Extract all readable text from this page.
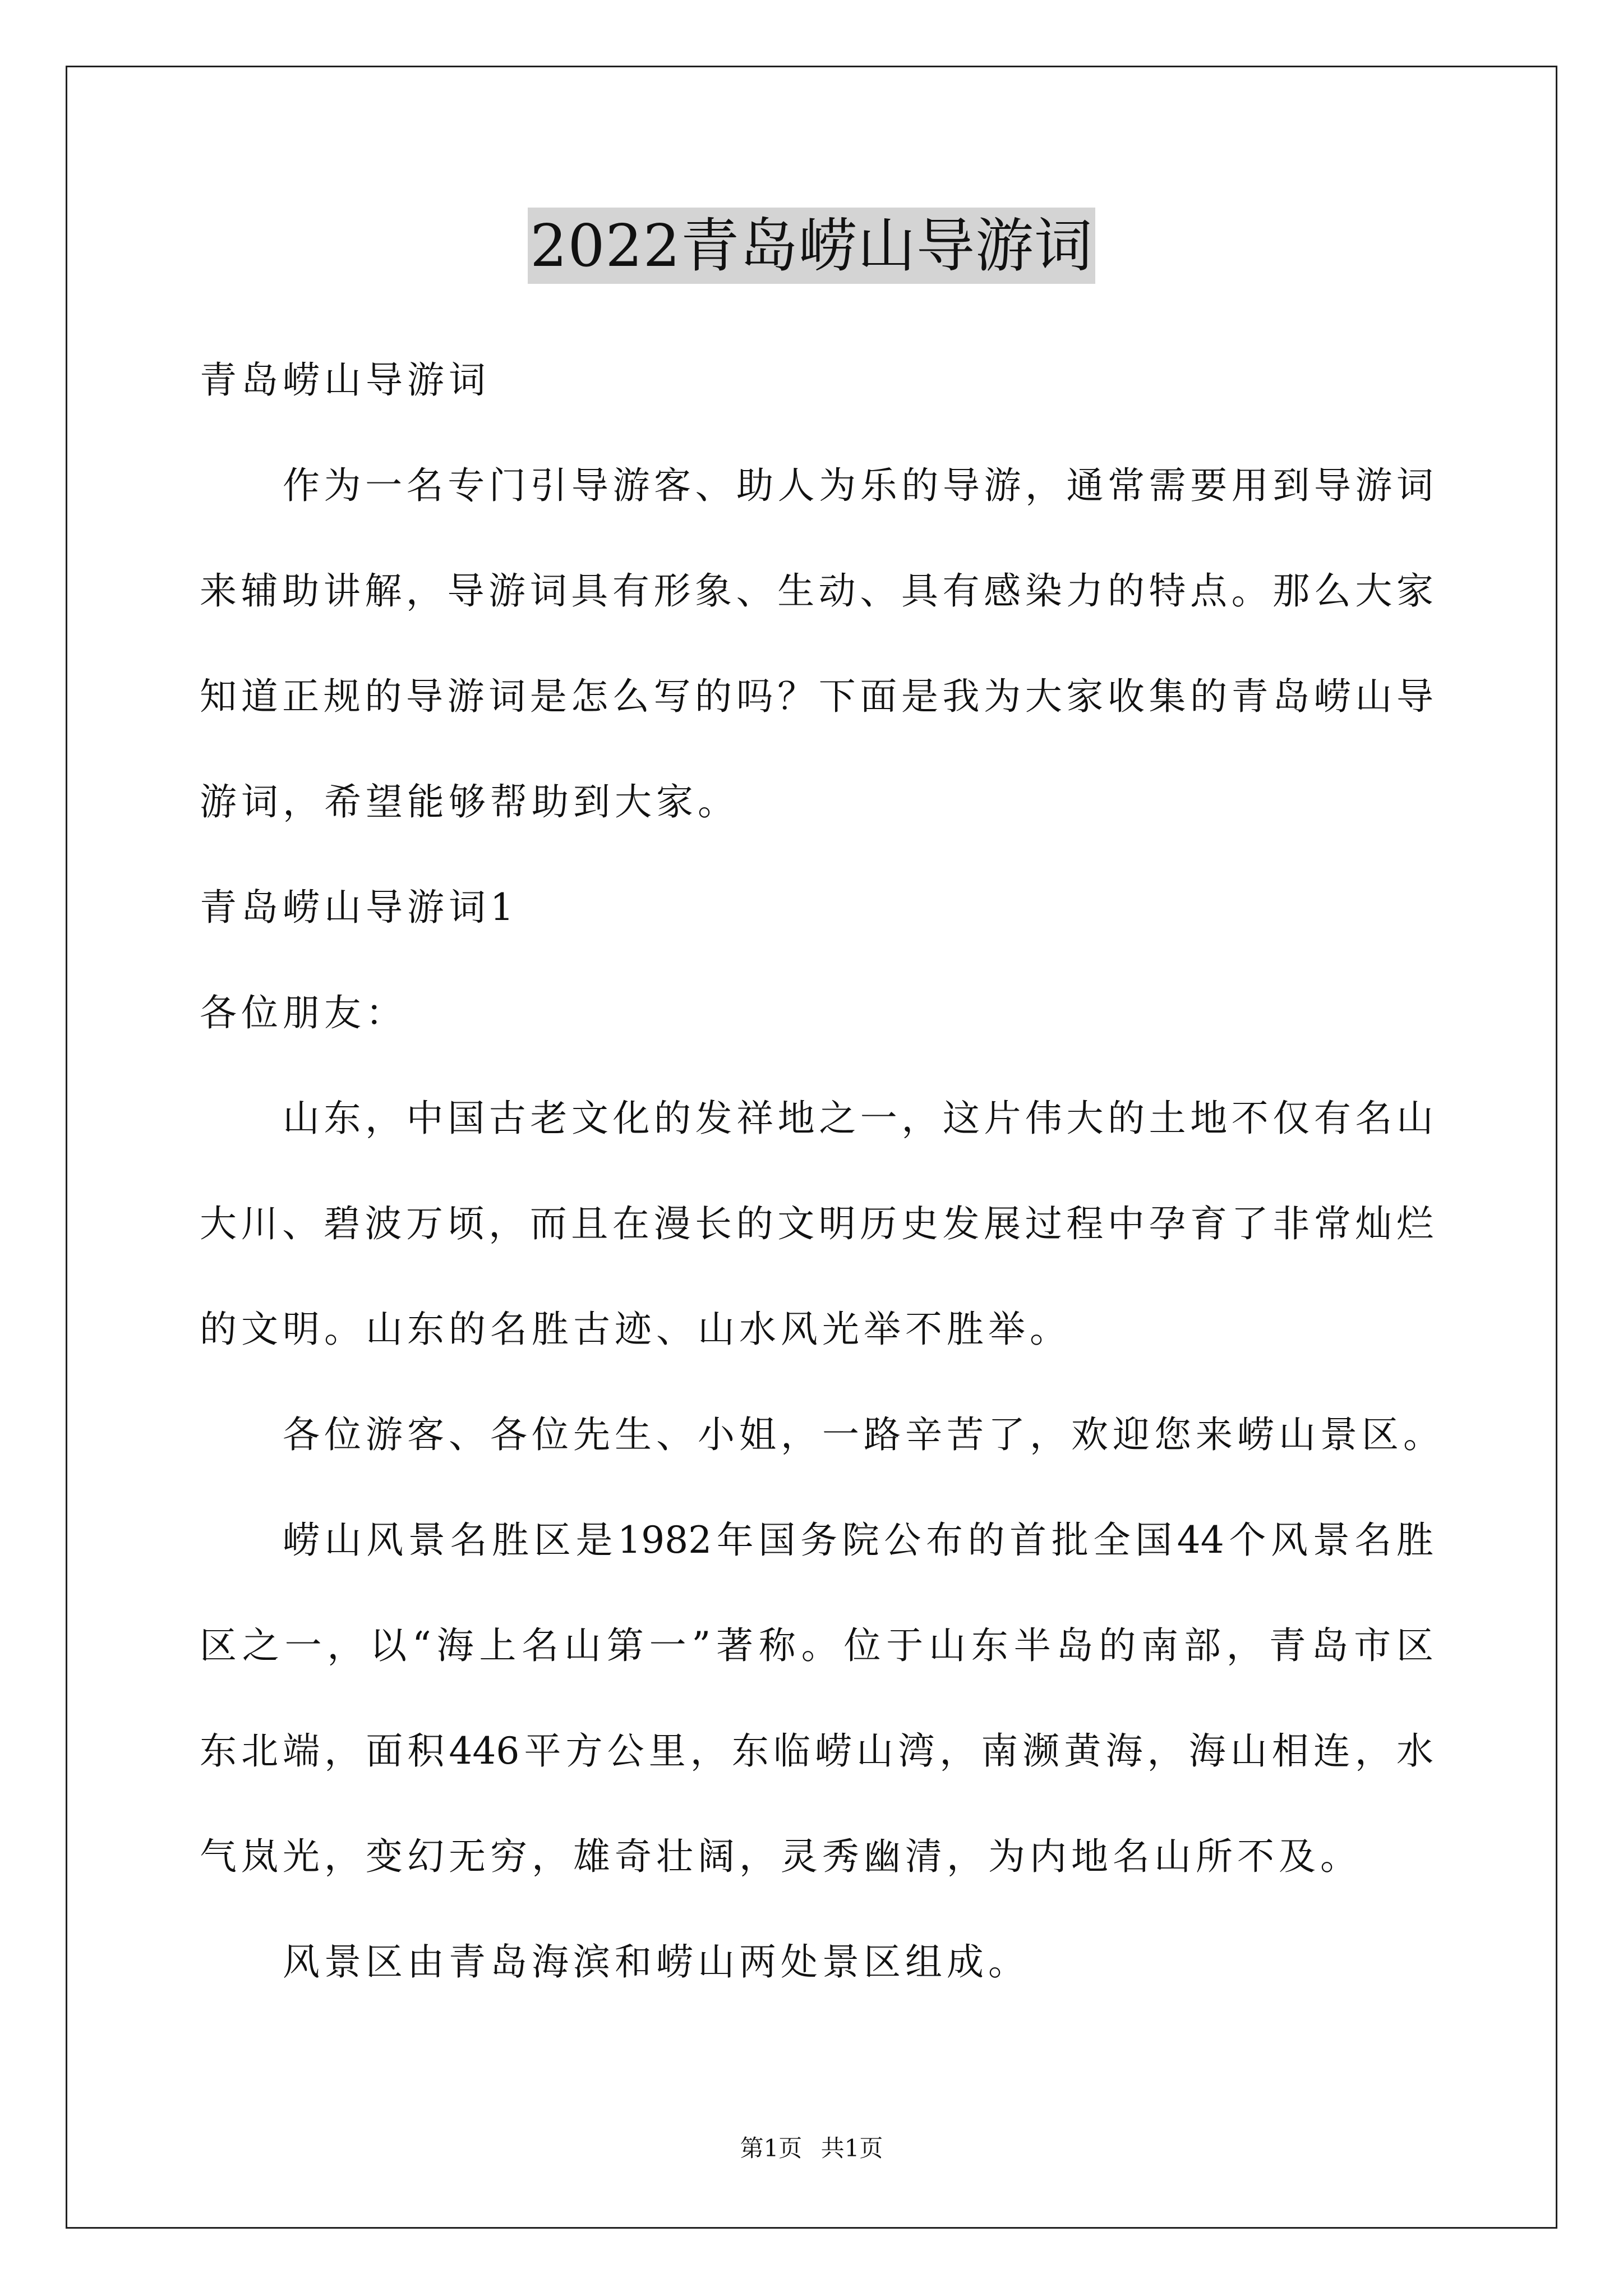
2022青岛崂山导游词
青岛崂山导游词
作为一名专门引导游客、助人为乐的导游，通常需要用到导游词
来辅助讲解，导游词具有形象、生动、具有感染力的特点。那么大家
知道正规的导游词是怎么写的吗？下面是我为大家收集的青岛崂山导
游词，希望能够帮助到大家。
青岛崂山导游词1
各位朋友：
山东，中国古老文化的发祥地之一，这片伟大的土地不仅有名山
大川、碧波万顷，而且在漫长的文明历史发展过程中孕育了非常灿烂
的文明。山东的名胜古迹、山水风光举不胜举。
各位游客、各位先生、小姐，一路辛苦了，欢迎您来崂山景区。
崂山风景名胜区是1982年国务院公布的首批全国44个风景名胜
区之一，以“海上名山第一”著称。位于山东半岛的南部，青岛市区
东北端，面积446平方公里，东临崂山湾，南濒黄海，海山相连，水
气岚光，变幻无穷，雄奇壮阔，灵秀幽清，为内地名山所不及。
风景区由青岛海滨和崂山两处景区组成。
第1页 共1页
